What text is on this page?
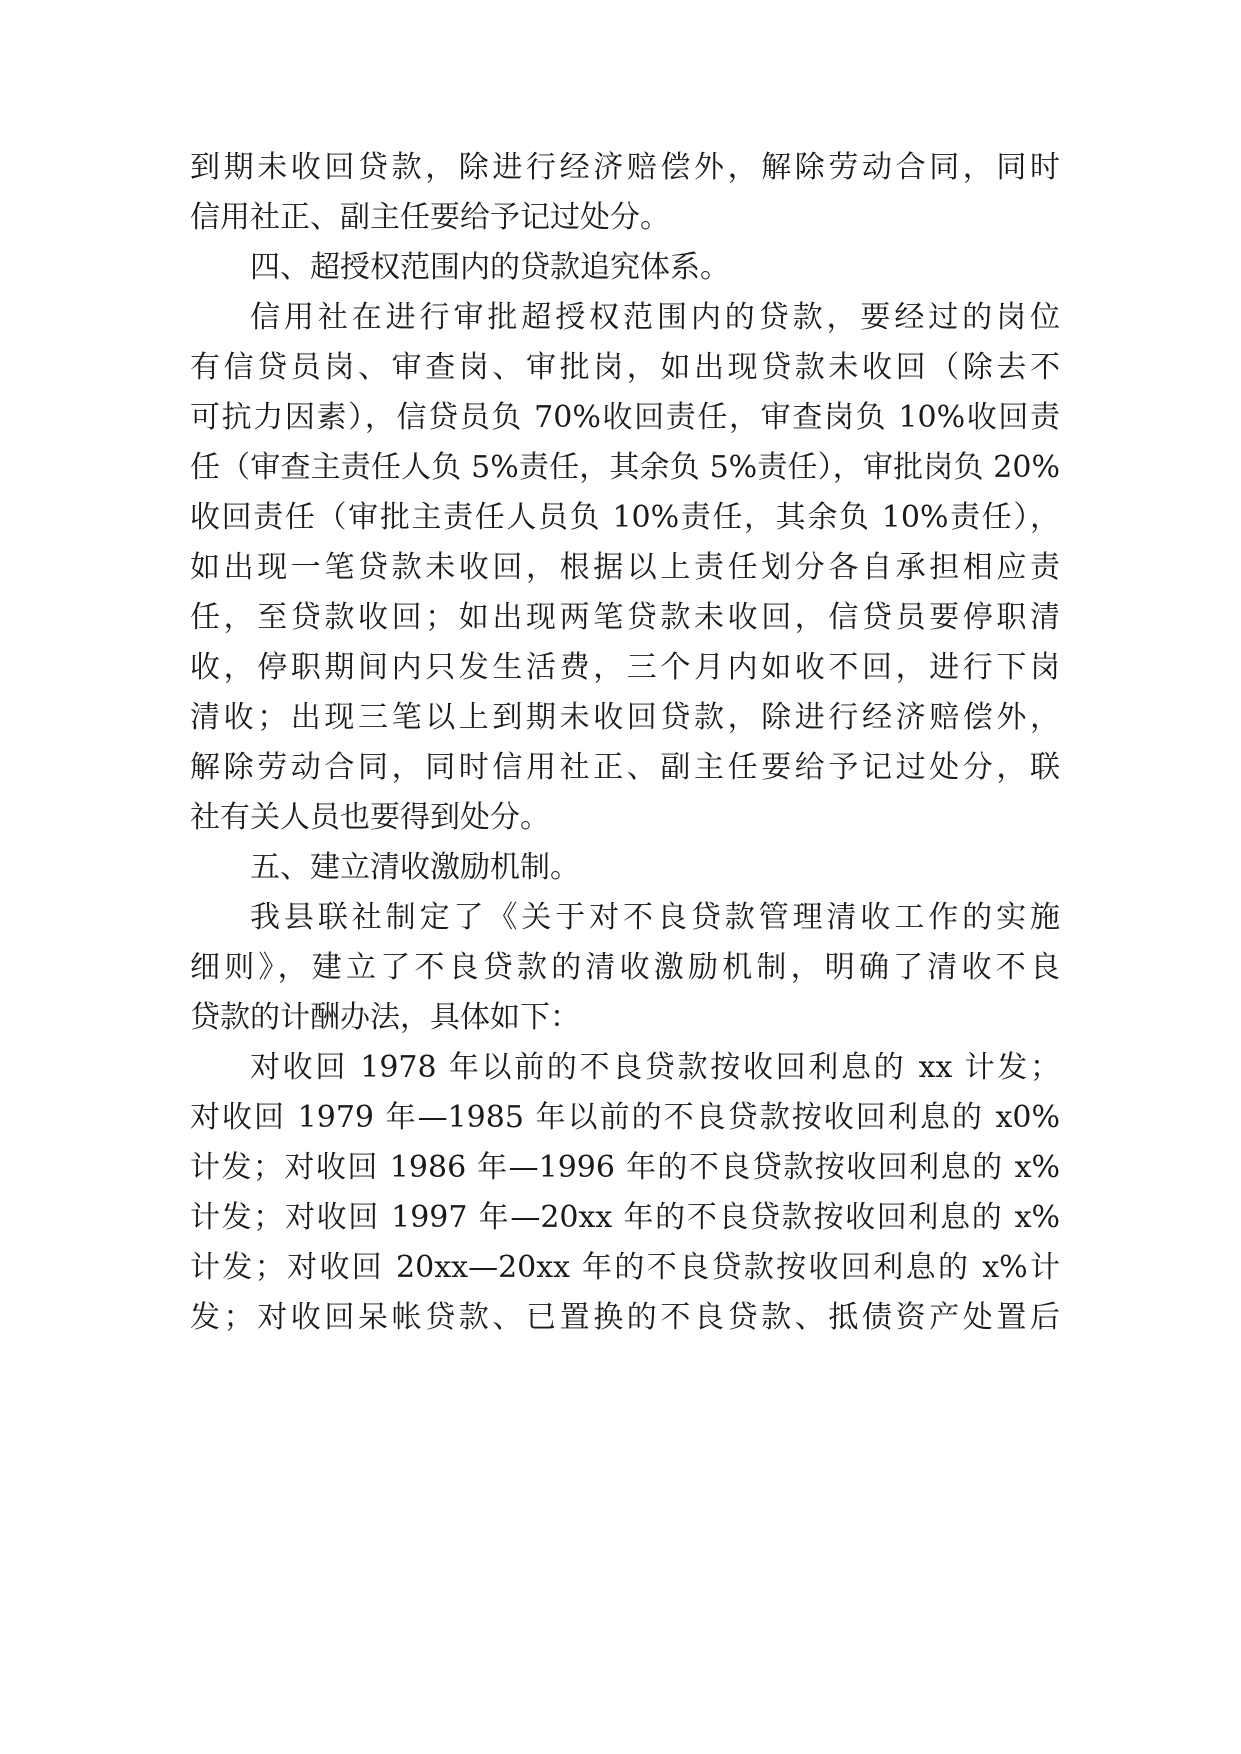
到期未收回贷款，除进行经济赔偿外，解除劳动合同，同时
信用社正、副主任要给予记过处分。
四、超授权范围内的贷款追究体系。
信用社在进行审批超授权范围内的贷款，要经过的岗位
有信贷员岗、审查岗、审批岗，如出现贷款未收回（除去不
可抗力因素），信贷员负 70%收回责任，审查岗负 10%收回责
任（审查主责任人负 5%责任，其余负 5%责任），审批岗负 20%
收回责任（审批主责任人员负 10%责任，其余负 10%责任），
如出现一笔贷款未收回，根据以上责任划分各自承担相应责
任，至贷款收回；如出现两笔贷款未收回，信贷员要停职清
收，停职期间内只发生活费，三个月内如收不回，进行下岗
清收；出现三笔以上到期未收回贷款，除进行经济赔偿外，
解除劳动合同，同时信用社正、副主任要给予记过处分，联
社有关人员也要得到处分。
五、建立清收激励机制。
我县联社制定了《关于对不良贷款管理清收工作的实施
细则》，建立了不良贷款的清收激励机制，明确了清收不良
贷款的计酬办法，具体如下：
对收回 1978 年以前的不良贷款按收回利息的 xx 计发；
对收回 1979 年—1985 年以前的不良贷款按收回利息的 x0%
计发；对收回 1986 年—1996 年的不良贷款按收回利息的 x%
计发；对收回 1997 年—20xx 年的不良贷款按收回利息的 x%
计发；对收回 20xx—20xx 年的不良贷款按收回利息的 x%计
发；对收回呆帐贷款、已置换的不良贷款、抵债资产处置后
